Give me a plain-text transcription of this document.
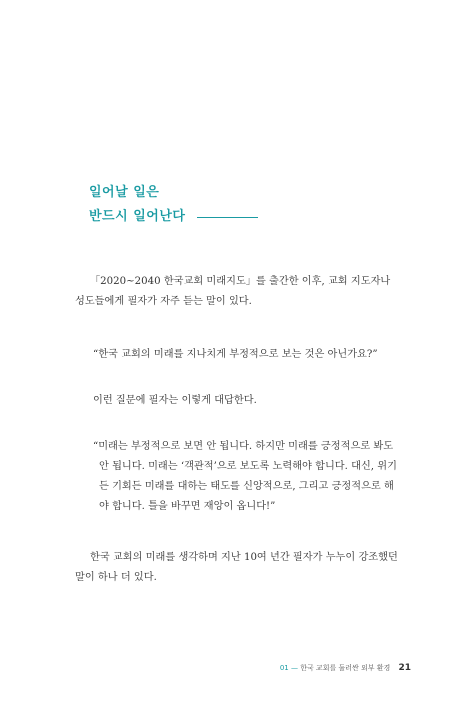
일어날 일은
반드시 일어난다

「2020~2040 한국교회 미래지도」를 출간한 이후, 교회 지도자나 성도들에게 필자가 자주 듣는 말이 있다.

“한국 교회의 미래를 지나치게 부정적으로 보는 것은 아닌가요?”

이런 질문에 필자는 이렇게 대답한다.

“미래는 부정적으로 보면 안 됩니다. 하지만 미래를 긍정적으로 봐도
안 됩니다. 미래는 ‘객관적’으로 보도록 노력해야 합니다. 대신, 위기
든 기회든 미래를 대하는 태도를 신앙적으로, 그리고 긍정적으로 해
야 합니다. 틀을 바꾸면 재앙이 옵니다!”

한국 교회의 미래를 생각하며 지난 10여 년간 필자가 누누이 강조했던 말이 하나 더 있다.

01 — 한국 교회를 둘러싼 외부 환경 21
